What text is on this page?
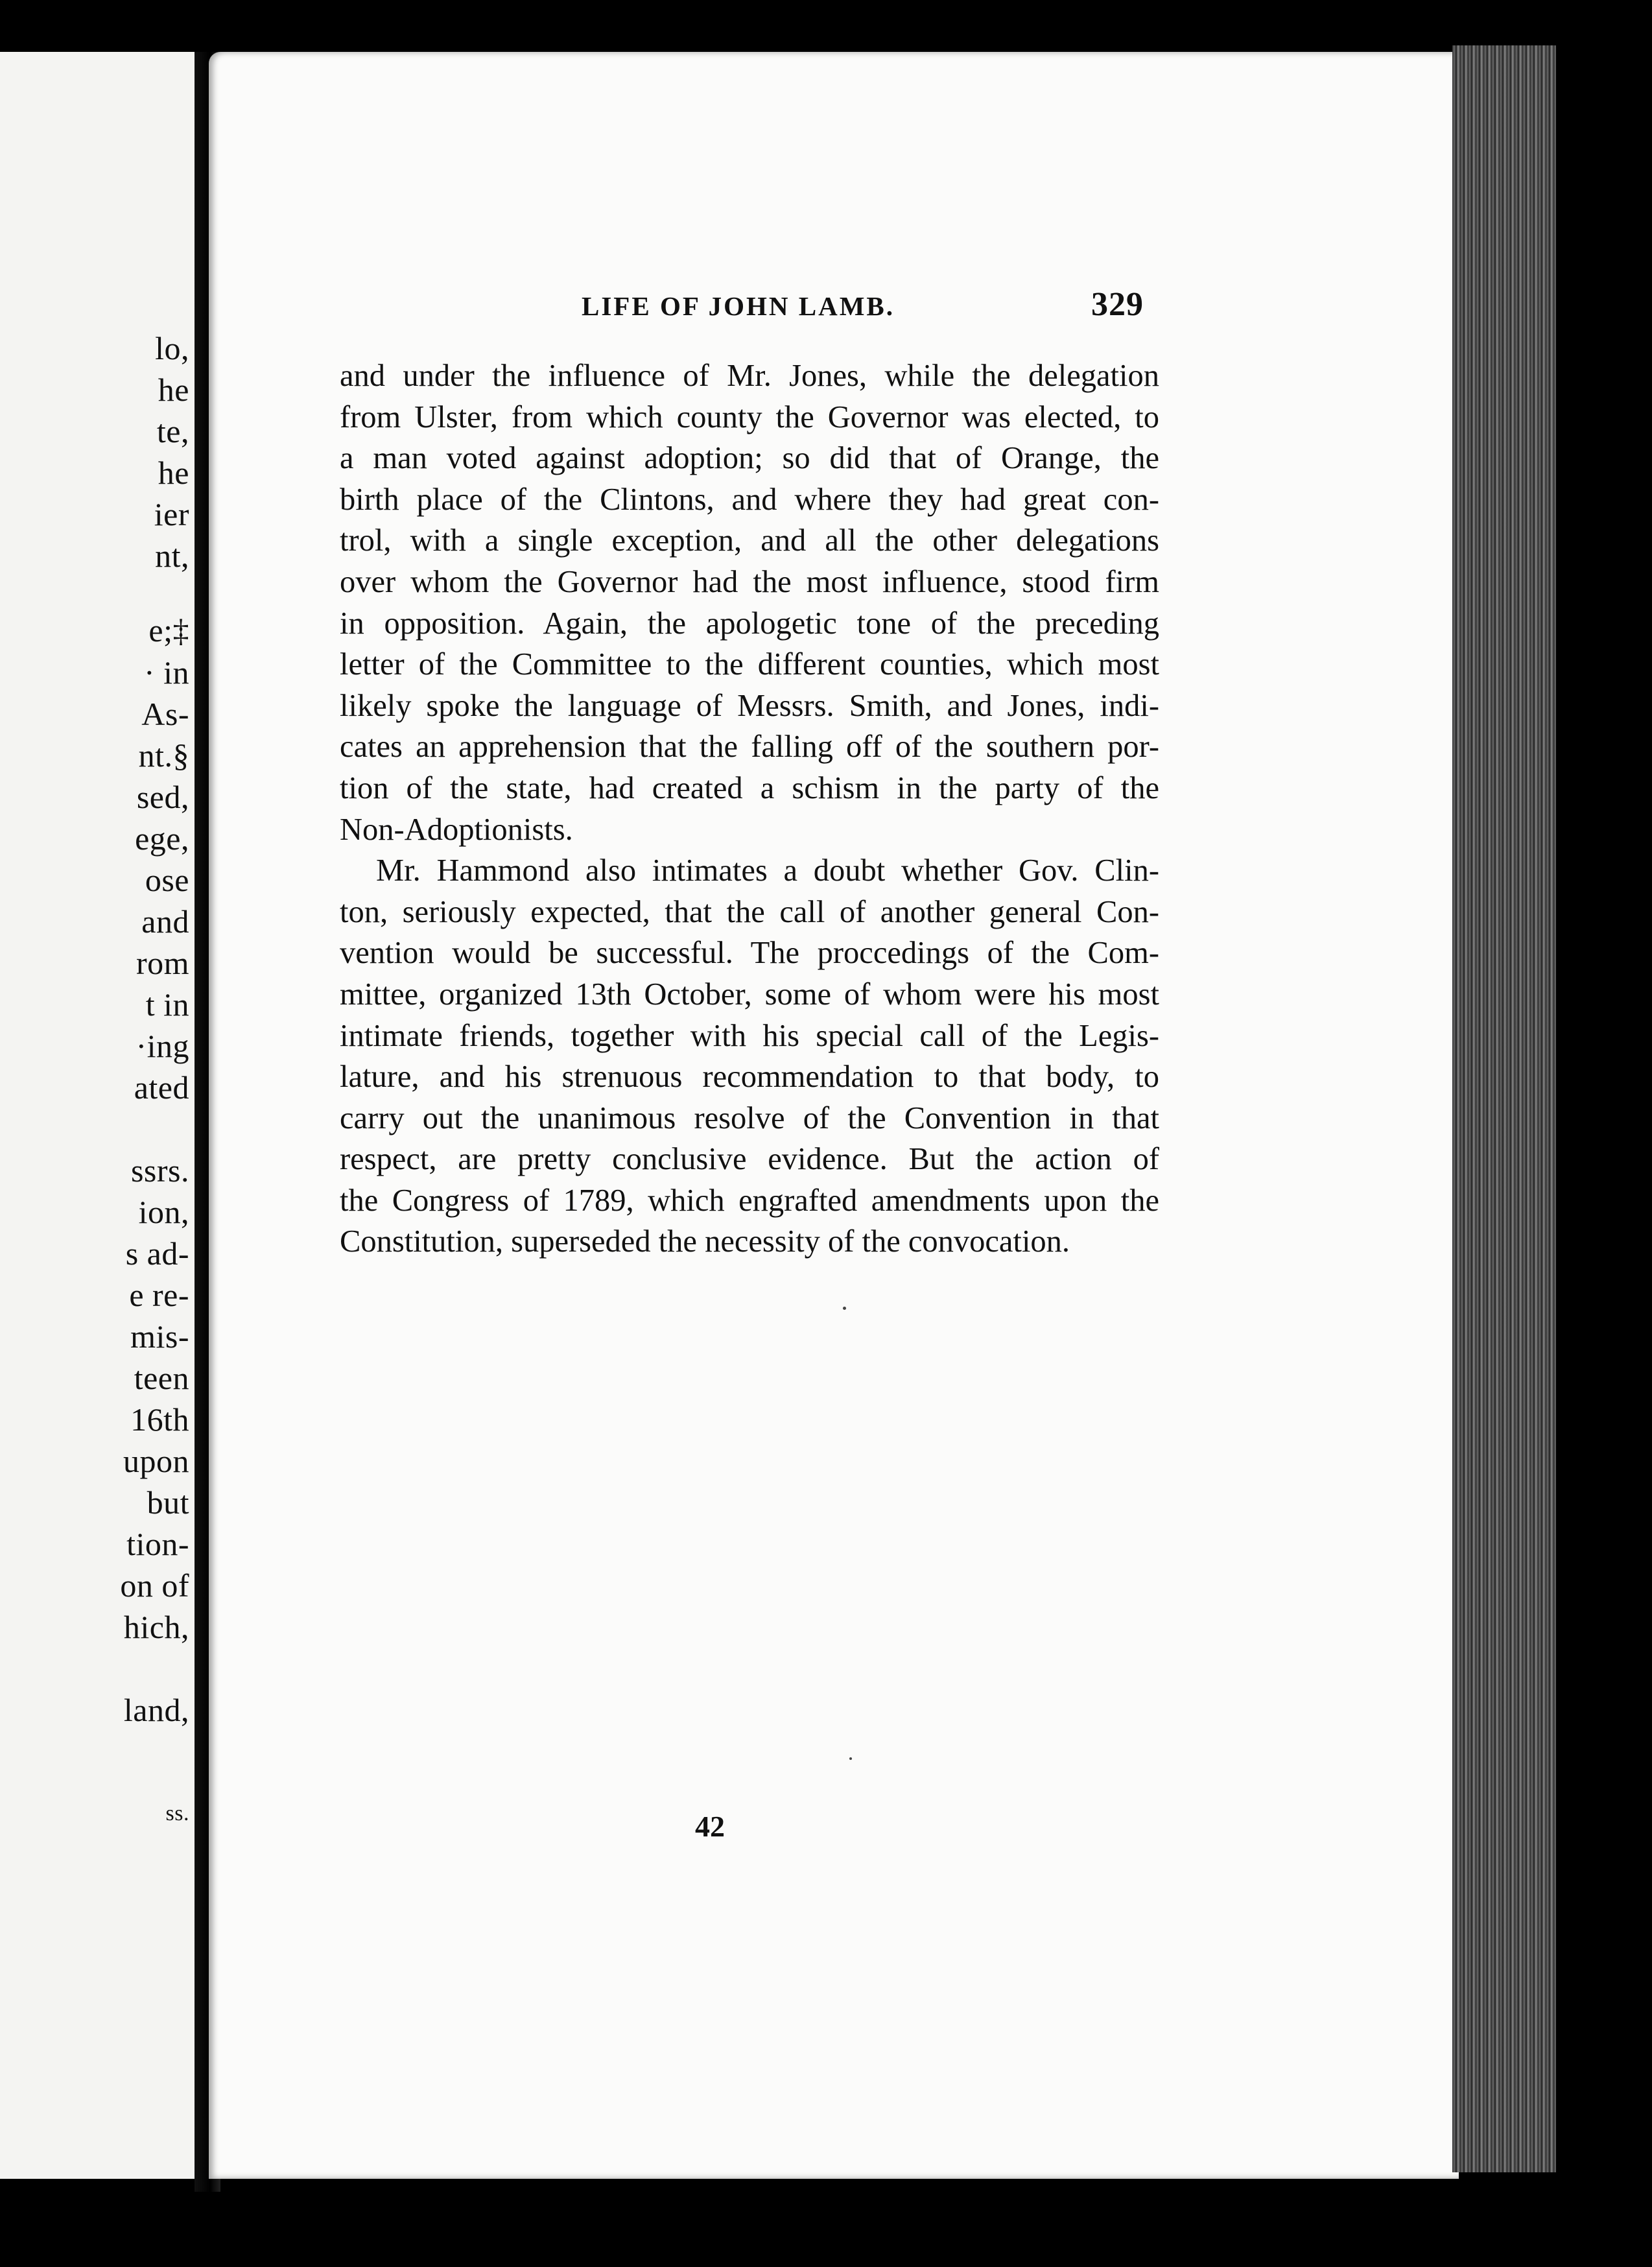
lo,
he
te,
he
ier
nt,
e;‡
· in
As-
nt.§
sed,
ege,
ose
and
rom
t in
·ing
ated
ssrs.
ion,
s ad-
e re-
mis-
teen
16th
upon
but
tion-
on of
hich,
land,
ss.
LIFE OF JOHN LAMB.	329
and under the influence of Mr. Jones, while the delegation
from Ulster, from which county the Governor was elected, to
a man voted against adoption; so did that of Orange, the
birth place of the Clintons, and where they had great con-
trol, with a single exception, and all the other delegations
over whom the Governor had the most influence, stood firm
in opposition. Again, the apologetic tone of the preceding
letter of the Committee to the different counties, which most
likely spoke the language of Messrs. Smith, and Jones, indi-
cates an apprehension that the falling off of the southern por-
tion of the state, had created a schism in the party of the
Non-Adoptionists.
Mr. Hammond also intimates a doubt whether Gov. Clin-
ton, seriously expected, that the call of another general Con-
vention would be successful. The proccedings of the Com-
mittee, organized 13th October, some of whom were his most
intimate friends, together with his special call of the Legis-
lature, and his strenuous recommendation to that body, to
carry out the unanimous resolve of the Convention in that
respect, are pretty conclusive evidence. But the action of
the Congress of 1789, which engrafted amendments upon the
Constitution, superseded the necessity of the convocation.
42
